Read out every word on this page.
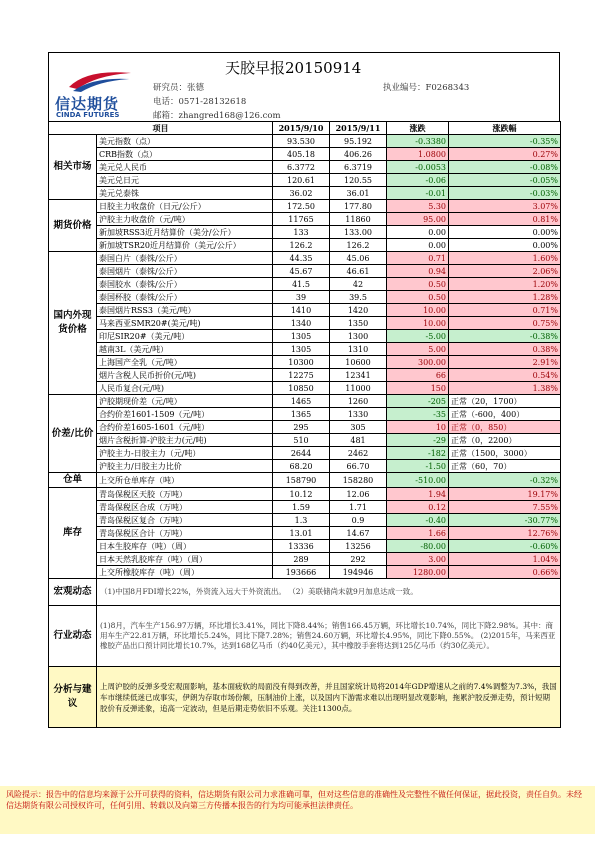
信达期货
CINDA FUTURES
天胶早报20150914
研究员：张德	执业编号：F0268343
电话：0571-28132618
邮箱：zhangred168@126.com
项目		2015/9/10	2015/9/11	涨跌	涨跌幅
相关市场	美元指数（点）	93.530	95.192	-0.3380	-0.35%
	CRB指数（点）	405.18	406.26	1.0800	0.27%
	美元兑人民币	6.3772	6.3719	-0.0053	-0.08%
	美元兑日元	120.61	120.55	-0.06	-0.05%
	美元兑泰铢	36.02	36.01	-0.01	-0.03%
期货价格	日胶主力收盘价（日元/公斤）	172.50	177.80	5.30	3.07%
	沪胶主力收盘价（元/吨）	11765	11860	95.00	0.81%
	新加坡RSS3近月结算价（美分/公斤）	133	133.00	0.00	0.00%
	新加坡TSR20近月结算价（美元/公斤）	126.2	126.2	0.00	0.00%
国内外现货价格	泰国白片（泰铢/公斤）	44.35	45.06	0.71	1.60%
	泰国烟片（泰铢/公斤）	45.67	46.61	0.94	2.06%
	泰国胶水（泰铢/公斤）	41.5	42	0.50	1.20%
	泰国杯胶（泰铢/公斤）	39	39.5	0.50	1.28%
	泰国烟片RSS3（美元/吨）	1410	1420	10.00	0.71%
	马来西亚SMR20#(美元/吨)	1340	1350	10.00	0.75%
	印尼SIR20#（美元/吨）	1305	1300	-5.00	-0.38%
	越南3L（美元/吨）	1305	1310	5.00	0.38%
	上海国产全乳（元/吨）	10300	10600	300.00	2.91%
	烟片含税人民币折价(元/吨)	12275	12341	66	0.54%
	人民币复合(元/吨)	10850	11000	150	1.38%
价差/比价	沪胶期现价差（元/吨）	1465	1260	-205	正常（20，1700）
	合约价差1601-1509（元/吨）	1365	1330	-35	正常（-600，400）
	合约价差1605-1601（元/吨）	295	305	10	正常（0，850）
	烟片含税折算-沪胶主力(元/吨)	510	481	-29	正常（0，2200）
	沪胶主力-日胶主力（元/吨）	2644	2462	-182	正常（1500，3000）
	沪胶主力/日胶主力比价	68.20	66.70	-1.50	正常（60，70）
仓单	上交所仓单库存（吨）	158790	158280	-510.00	-0.32%
库存	青岛保税区天胶（万吨）	10.12	12.06	1.94	19.17%
	青岛保税区合成（万吨）	1.59	1.71	0.12	7.55%
	青岛保税区复合（万吨）	1.3	0.9	-0.40	-30.77%
	青岛保税区合计（万吨）	13.01	14.67	1.66	12.76%
	日本生胶库存（吨）（周）	13336	13256	-80.00	-0.60%
	日本天然乳胶库存（吨）（周）	289	292	3.00	1.04%
	上交所橡胶库存（吨）（周）	193666	194946	1280.00	0.66%
宏观动态	（1)中国8月FDI增长22%，外资流入远大于外资流出。 （2）美联储尚未就9月加息达成一致。				
行业动态	(1)8月，汽车生产156.97万辆，环比增长3.41%，同比下降8.44%；销售166.45万辆，环比增长10.74%，同比下降2.98%。其中：商用车生产22.81万辆，环比增长5.24%，同比下降7.28%；销售24.60万辆，环比增长4.95%，同比下降0.55%。 (2)2015年，马来西亚橡胶产品出口预计同比增长10.7%，达到168亿马币（约40亿美元），其中橡胶手套将达到125亿马币（约30亿美元）。				
分析与建议	上周沪胶的反弹多受宏观面影响，基本面疲软的局面没有得到改善，并且国家统计局将2014年GDP增速从之前的7.4%调整为7.3%，我国车市继续低迷已成事实，伊朗为存取市场份额，压制油价上涨，以及国内下游需求难以出现明显改观影响，拖累沪胶反弹走势，预计短期胶价有反弹迹象，追高一定波动，但是后期走势依旧不乐观。关注11300点。				
风险提示：报告中的信息均来源于公开可获得的资料，信达期货有限公司力求准确可靠，但对这些信息的准确性及完整性不做任何保证，据此投资，责任自负。未经信达期货有限公司授权许可，任何引用、转载以及向第三方传播本报告的行为均可能承担法律责任。
